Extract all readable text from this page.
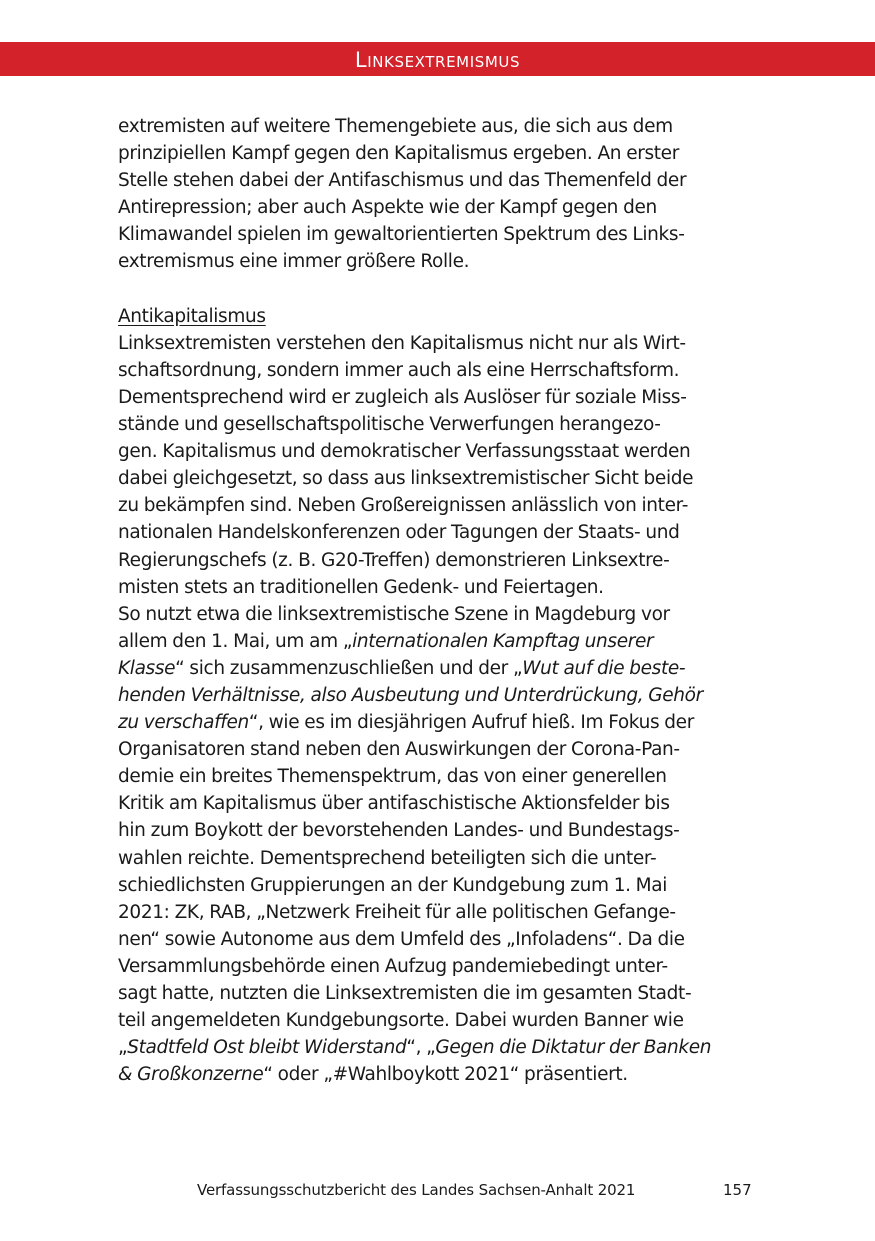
Linksextremismus
extremisten auf weitere Themengebiete aus, die sich aus dem
prinzipiellen Kampf gegen den Kapitalismus ergeben. An erster
Stelle stehen dabei der Antifaschismus und das Themenfeld der
Antirepression; aber auch Aspekte wie der Kampf gegen den
Klimawandel spielen im gewaltorientierten Spektrum des Links-
extremismus eine immer größere Rolle.
Antikapitalismus
Linksextremisten verstehen den Kapitalismus nicht nur als Wirt-
schaftsordnung, sondern immer auch als eine Herrschaftsform.
Dementsprechend wird er zugleich als Auslöser für soziale Miss-
stände und gesellschaftspolitische Verwerfungen herangezo-
gen. Kapitalismus und demokratischer Verfassungsstaat werden
dabei gleichgesetzt, so dass aus linksextremistischer Sicht beide
zu bekämpfen sind. Neben Großereignissen anlässlich von inter-
nationalen Handelskonferenzen oder Tagungen der Staats- und
Regierungschefs (z. B. G20-Treffen) demonstrieren Linksextre-
misten stets an traditionellen Gedenk- und Feiertagen.
So nutzt etwa die linksextremistische Szene in Magdeburg vor
allem den 1. Mai, um am „internationalen Kampftag unserer
Klasse“ sich zusammenzuschließen und der „Wut auf die beste-
henden Verhältnisse, also Ausbeutung und Unterdrückung, Gehör
zu verschaffen“, wie es im diesjährigen Aufruf hieß. Im Fokus der
Organisatoren stand neben den Auswirkungen der Corona-Pan-
demie ein breites Themenspektrum, das von einer generellen
Kritik am Kapitalismus über antifaschistische Aktionsfelder bis
hin zum Boykott der bevorstehenden Landes- und Bundestags-
wahlen reichte. Dementsprechend beteiligten sich die unter-
schiedlichsten Gruppierungen an der Kundgebung zum 1. Mai
2021: ZK, RAB, „Netzwerk Freiheit für alle politischen Gefange-
nen“ sowie Autonome aus dem Umfeld des „Infoladens“. Da die
Versammlungsbehörde einen Aufzug pandemiebedingt unter-
sagt hatte, nutzten die Linksextremisten die im gesamten Stadt-
teil angemeldeten Kundgebungsorte. Dabei wurden Banner wie
„Stadtfeld Ost bleibt Widerstand“, „Gegen die Diktatur der Banken
& Großkonzerne“ oder „#Wahlboykott 2021“ präsentiert.
Verfassungsschutzbericht des Landes Sachsen-Anhalt 2021	157
